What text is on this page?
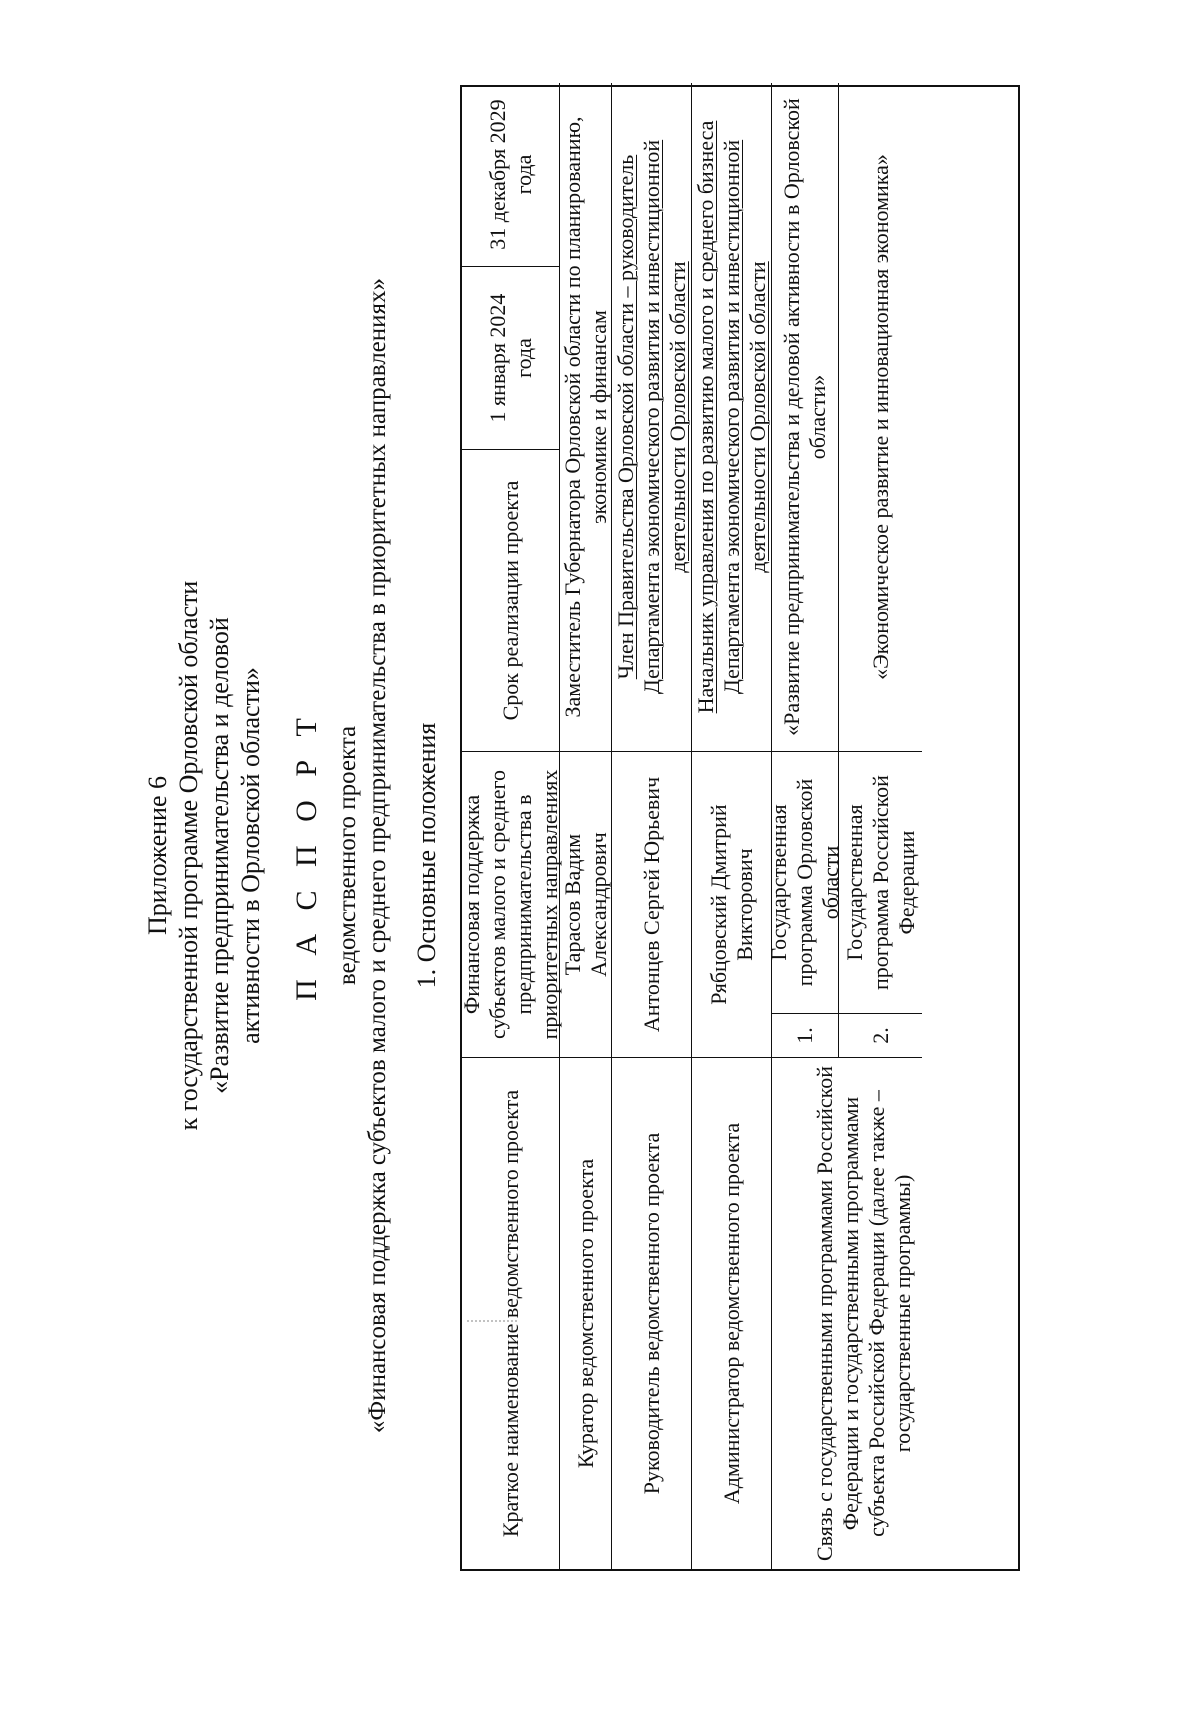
Приложение 6 к государственной программе Орловской области «Развитие предпринимательства и деловой активности в Орловской области» П А С П О Р Т ведомственного проекта «Финансовая поддержка субъектов малого и среднего предпринимательства в приоритетных направлениях» 1. Основные положения
Краткое наименование ведомственного проекта
Финансовая поддержка субъектов малого и среднего предпринимательства в приоритетных направлениях
Срок реализации проекта
1 января 2024 года
31 декабря 2029 года
Куратор ведомственного проекта
Тарасов Вадим Александрович
Заместитель Губернатора Орловской области по планированию, экономике и финансам
Руководитель ведомственного проекта
Антонцев Сергей Юрьевич
Член Правительства Орловской области – руководитель Департамента экономического развития и инвестиционной деятельности Орловской области
Администратор ведомственного проекта
Рябцовский Дмитрий Викторович
Начальник управления по развитию малого и среднего бизнеса Департамента экономического развития и инвестиционной деятельности Орловской области
Связь с государственными программами Российской Федерации и государственными программами субъекта Российской Федерации (далее также – государственные программы)
1.
Государственная программа Орловской области
«Развитие предпринимательства и деловой активности в Орловской области»
2.
Государственная программа Российской Федерации
«Экономическое развитие и инновационная экономика»
